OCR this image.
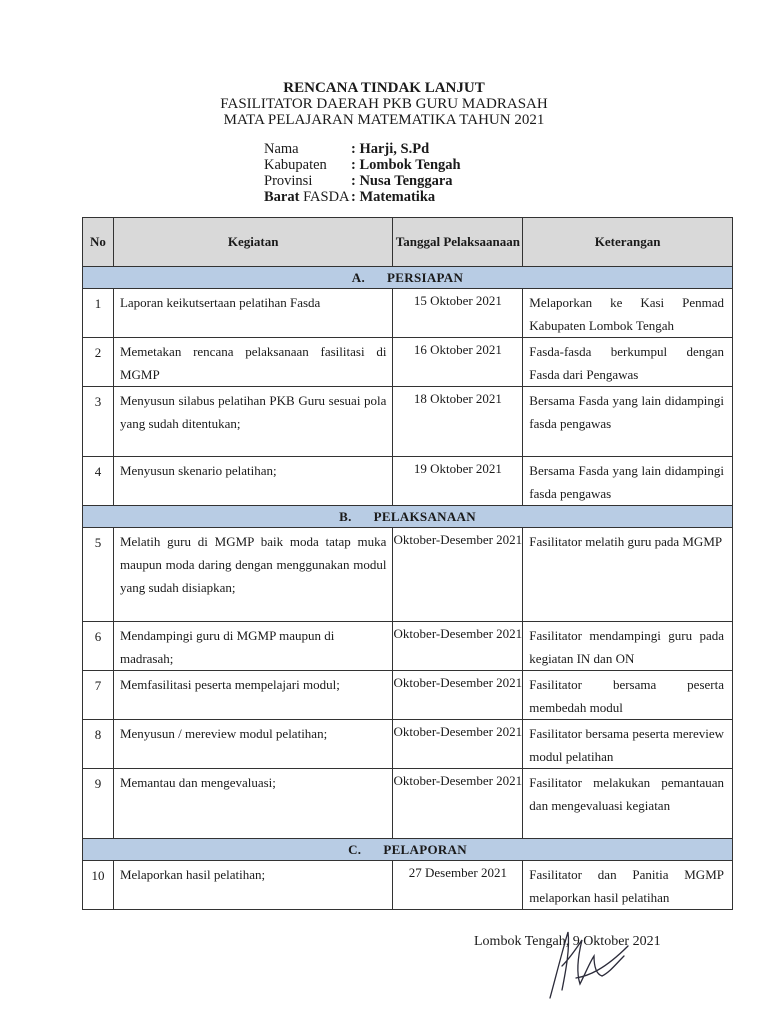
RENCANA TINDAK LANJUT
FASILITATOR DAERAH PKB GURU MADRASAH
MATA PELAJARAN MATEMATIKA TAHUN 2021
Nama	: Harji, S.Pd
Kabupaten	: Lombok Tengah
Provinsi	: Nusa Tenggara
Barat FASDA : Matematika
No	Kegiatan	Tanggal Pelaksaanaan	Keterangan
A. PERSIAPAN			
1	Laporan keikutsertaan pelatihan Fasda	15 Oktober 2021	Melaporkan ke Kasi Penmad Kabupaten Lombok Tengah
2	Memetakan rencana pelaksanaan fasilitasi di MGMP	16 Oktober 2021	Fasda-fasda berkumpul dengan Fasda dari Pengawas
3	Menyusun silabus pelatihan PKB Guru sesuai pola yang sudah ditentukan;	18 Oktober 2021	Bersama Fasda yang lain didampingi fasda pengawas
4	Menyusun skenario pelatihan;	19 Oktober 2021	Bersama Fasda yang lain didampingi fasda pengawas
B. PELAKSANAAN			
5	Melatih guru di MGMP baik moda tatap muka maupun moda daring dengan menggunakan modul yang sudah disiapkan;	Oktober-Desember 2021	Fasilitator melatih guru pada MGMP
6	Mendampingi guru di MGMP maupun di madrasah;	Oktober-Desember 2021	Fasilitator mendampingi guru pada kegiatan IN dan ON
7	Memfasilitasi peserta mempelajari modul;	Oktober-Desember 2021	Fasilitator bersama peserta membedah modul
8	Menyusun / mereview modul pelatihan;	Oktober-Desember 2021	Fasilitator bersama peserta mereview modul pelatihan
9	Memantau dan mengevaluasi;	Oktober-Desember 2021	Fasilitator melakukan pemantauan dan mengevaluasi kegiatan
C. PELAPORAN			
10	Melaporkan hasil pelatihan;	27 Desember 2021	Fasilitator dan Panitia MGMP melaporkan hasil pelatihan
Lombok Tengah, 9 Oktober 2021
